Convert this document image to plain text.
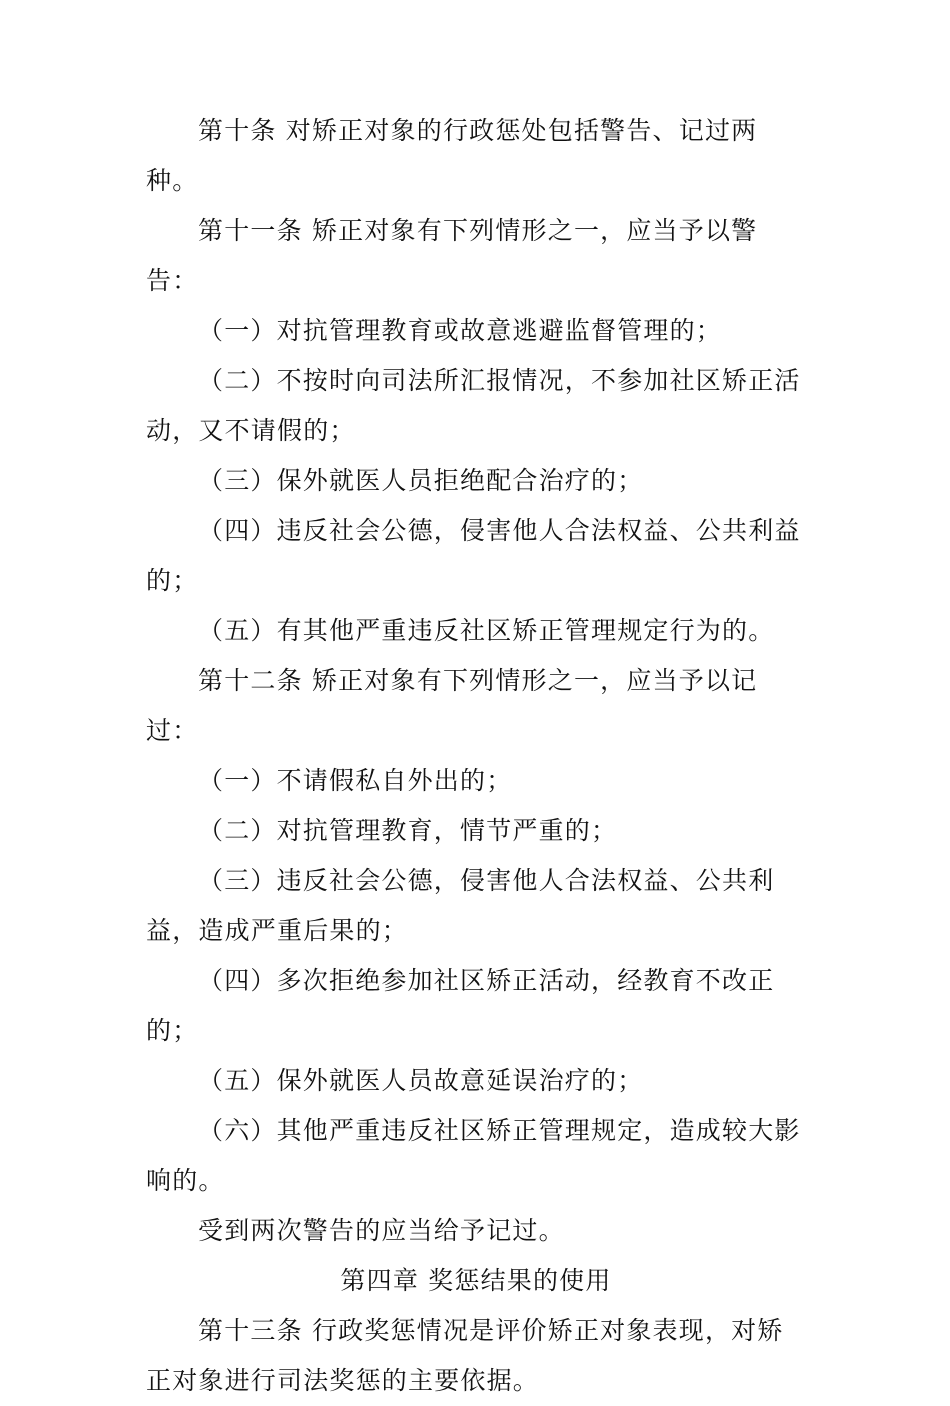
第十条 对矫正对象的行政惩处包括警告、记过两种。

第十一条 矫正对象有下列情形之一，应当予以警告：

（一）对抗管理教育或故意逃避监督管理的；

（二）不按时向司法所汇报情况，不参加社区矫正活动，又不请假的；

（三）保外就医人员拒绝配合治疗的；

（四）违反社会公德，侵害他人合法权益、公共利益的；

（五）有其他严重违反社区矫正管理规定行为的。

第十二条 矫正对象有下列情形之一，应当予以记过：

（一）不请假私自外出的；

（二）对抗管理教育，情节严重的；

（三）违反社会公德，侵害他人合法权益、公共利益，造成严重后果的；

（四）多次拒绝参加社区矫正活动，经教育不改正的；

（五）保外就医人员故意延误治疗的；

（六）其他严重违反社区矫正管理规定，造成较大影响的。

受到两次警告的应当给予记过。

第四章 奖惩结果的使用

第十三条 行政奖惩情况是评价矫正对象表现，对矫正对象进行司法奖惩的主要依据。
